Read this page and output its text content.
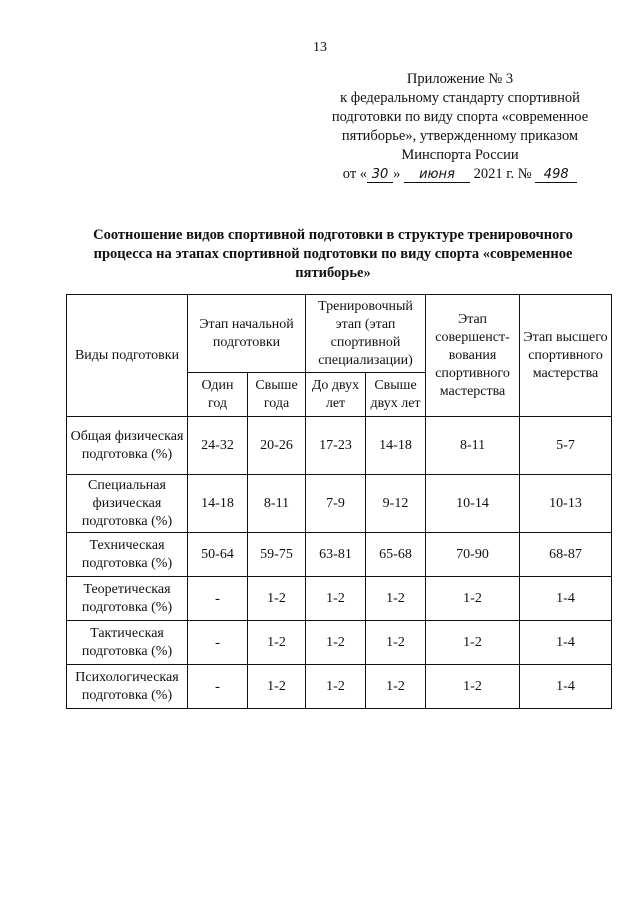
13
Приложение № 3
к федеральному стандарту спортивной
подготовки по виду спорта «современное
пятиборье», утвержденному приказом
Минспорта России
от « 30 » июня 2021 г. № 498
Соотношение видов спортивной подготовки в структуре тренировочного процесса на этапах спортивной подготовки по виду спорта «современное пятиборье»
Виды подготовки	Этап начальной подготовки		Тренировочный этап (этап спортивной специализации)		Этап совершенст-вования спортивного мастерства	Этап высшего спортивного мастерства
	Один год	Свыше года	До двух лет	Свыше двух лет		
Общая физическая подготовка (%)	24-32	20-26	17-23	14-18	8-11	5-7
Специальная физическая подготовка (%)	14-18	8-11	7-9	9-12	10-14	10-13
Техническая подготовка (%)	50-64	59-75	63-81	65-68	70-90	68-87
Теоретическая подготовка (%)	-	1-2	1-2	1-2	1-2	1-4
Тактическая подготовка (%)	-	1-2	1-2	1-2	1-2	1-4
Психологическая подготовка (%)	-	1-2	1-2	1-2	1-2	1-4
